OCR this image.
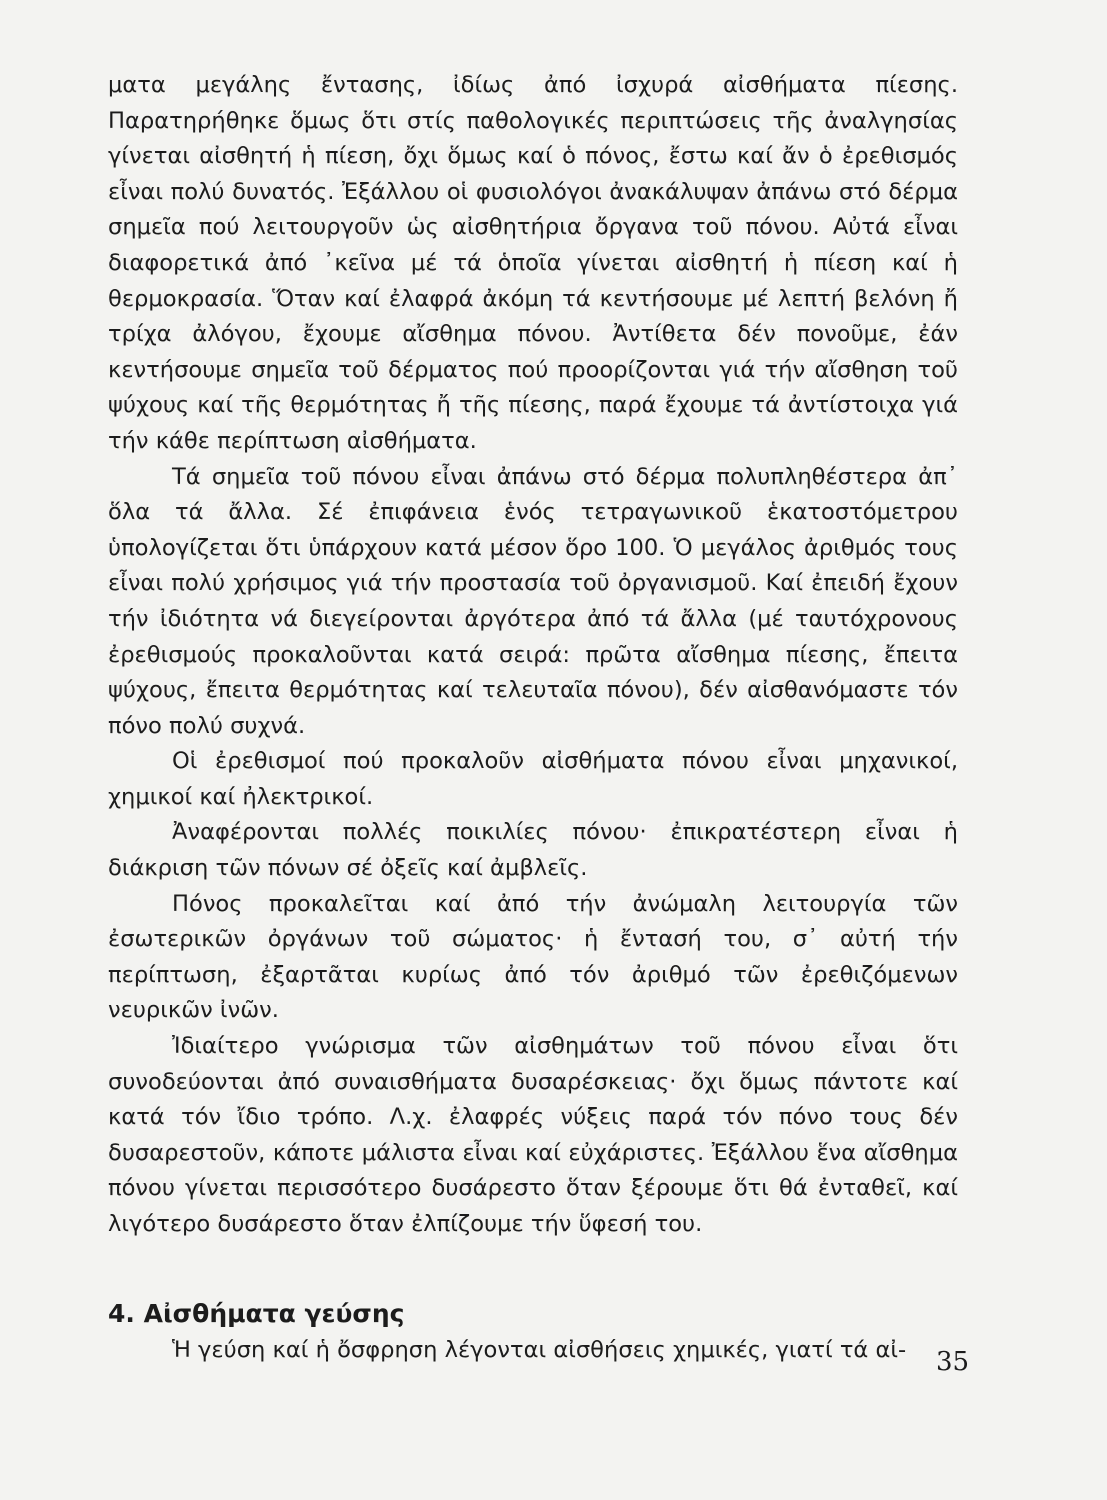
ματα μεγάλης ἔντασης, ἰδίως ἀπό ἰσχυρά αἰσθήματα πίεσης. Παρατηρήθηκε ὅμως ὅτι στίς παθολογικές περιπτώσεις τῆς ἀναλγησίας γίνεται αἰσθητή ἡ πίεση, ὄχι ὅμως καί ὁ πόνος, ἔστω καί ἄν ὁ ἐρεθισμός εἶναι πολύ δυνατός. Ἐξάλλου οἱ φυσιολόγοι ἀνακάλυψαν ἀπάνω στό δέρμα σημεῖα πού λειτουργοῦν ὡς αἰσθητήρια ὄργανα τοῦ πόνου. Αὐτά εἶναι διαφορετικά ἀπό ᾽κεῖνα μέ τά ὁποῖα γίνεται αἰσθητή ἡ πίεση καί ἡ θερμοκρασία. Ὅταν καί ἐλαφρά ἀκόμη τά κεντήσουμε μέ λεπτή βελόνη ἤ τρίχα ἀλόγου, ἔχουμε αἴσθημα πόνου. Ἀντίθετα δέν πονοῦμε, ἐάν κεντήσουμε σημεῖα τοῦ δέρματος πού προορίζονται γιά τήν αἴσθηση τοῦ ψύχους καί τῆς θερμότητας ἤ τῆς πίεσης, παρά ἔχουμε τά ἀντίστοιχα γιά τήν κάθε περίπτωση αἰσθήματα.

Τά σημεῖα τοῦ πόνου εἶναι ἀπάνω στό δέρμα πολυπληθέστερα ἀπ᾽ ὅλα τά ἄλλα. Σέ ἐπιφάνεια ἑνός τετραγωνικοῦ ἑκατοστόμετρου ὑπολογίζεται ὅτι ὑπάρχουν κατά μέσον ὅρο 100. Ὁ μεγάλος ἀριθμός τους εἶναι πολύ χρήσιμος γιά τήν προστασία τοῦ ὀργανισμοῦ. Καί ἐπειδή ἔχουν τήν ἰδιότητα νά διεγείρονται ἀργότερα ἀπό τά ἄλλα (μέ ταυτόχρονους ἐρεθισμούς προκαλοῦνται κατά σειρά: πρῶτα αἴσθημα πίεσης, ἔπειτα ψύχους, ἔπειτα θερμότητας καί τελευταῖα πόνου), δέν αἰσθανόμαστε τόν πόνο πολύ συχνά.

Οἱ ἐρεθισμοί πού προκαλοῦν αἰσθήματα πόνου εἶναι μηχανικοί, χημικοί καί ἠλεκτρικοί.

Ἀναφέρονται πολλές ποικιλίες πόνου· ἐπικρατέστερη εἶναι ἡ διάκριση τῶν πόνων σέ ὀξεῖς καί ἀμβλεῖς.

Πόνος προκαλεῖται καί ἀπό τήν ἀνώμαλη λειτουργία τῶν ἐσωτερικῶν ὀργάνων τοῦ σώματος· ἡ ἔντασή του, σ᾽ αὐτή τήν περίπτωση, ἐξαρτᾶται κυρίως ἀπό τόν ἀριθμό τῶν ἐρεθιζόμενων νευρικῶν ἰνῶν.

Ἰδιαίτερο γνώρισμα τῶν αἰσθημάτων τοῦ πόνου εἶναι ὅτι συνοδεύονται ἀπό συναισθήματα δυσαρέσκειας· ὄχι ὅμως πάντοτε καί κατά τόν ἴδιο τρόπο. Λ.χ. ἐλαφρές νύξεις παρά τόν πόνο τους δέν δυσαρεστοῦν, κάποτε μάλιστα εἶναι καί εὐχάριστες. Ἐξάλλου ἕνα αἴσθημα πόνου γίνεται περισσότερο δυσάρεστο ὅταν ξέρουμε ὅτι θά ἐνταθεῖ, καί λιγότερο δυσάρεστο ὅταν ἐλπίζουμε τήν ὕφεσή του.

4. Αἰσθήματα γεύσης

Ἡ γεύση καί ἡ ὄσφρηση λέγονται αἰσθήσεις χημικές, γιατί τά αἰ-	35
